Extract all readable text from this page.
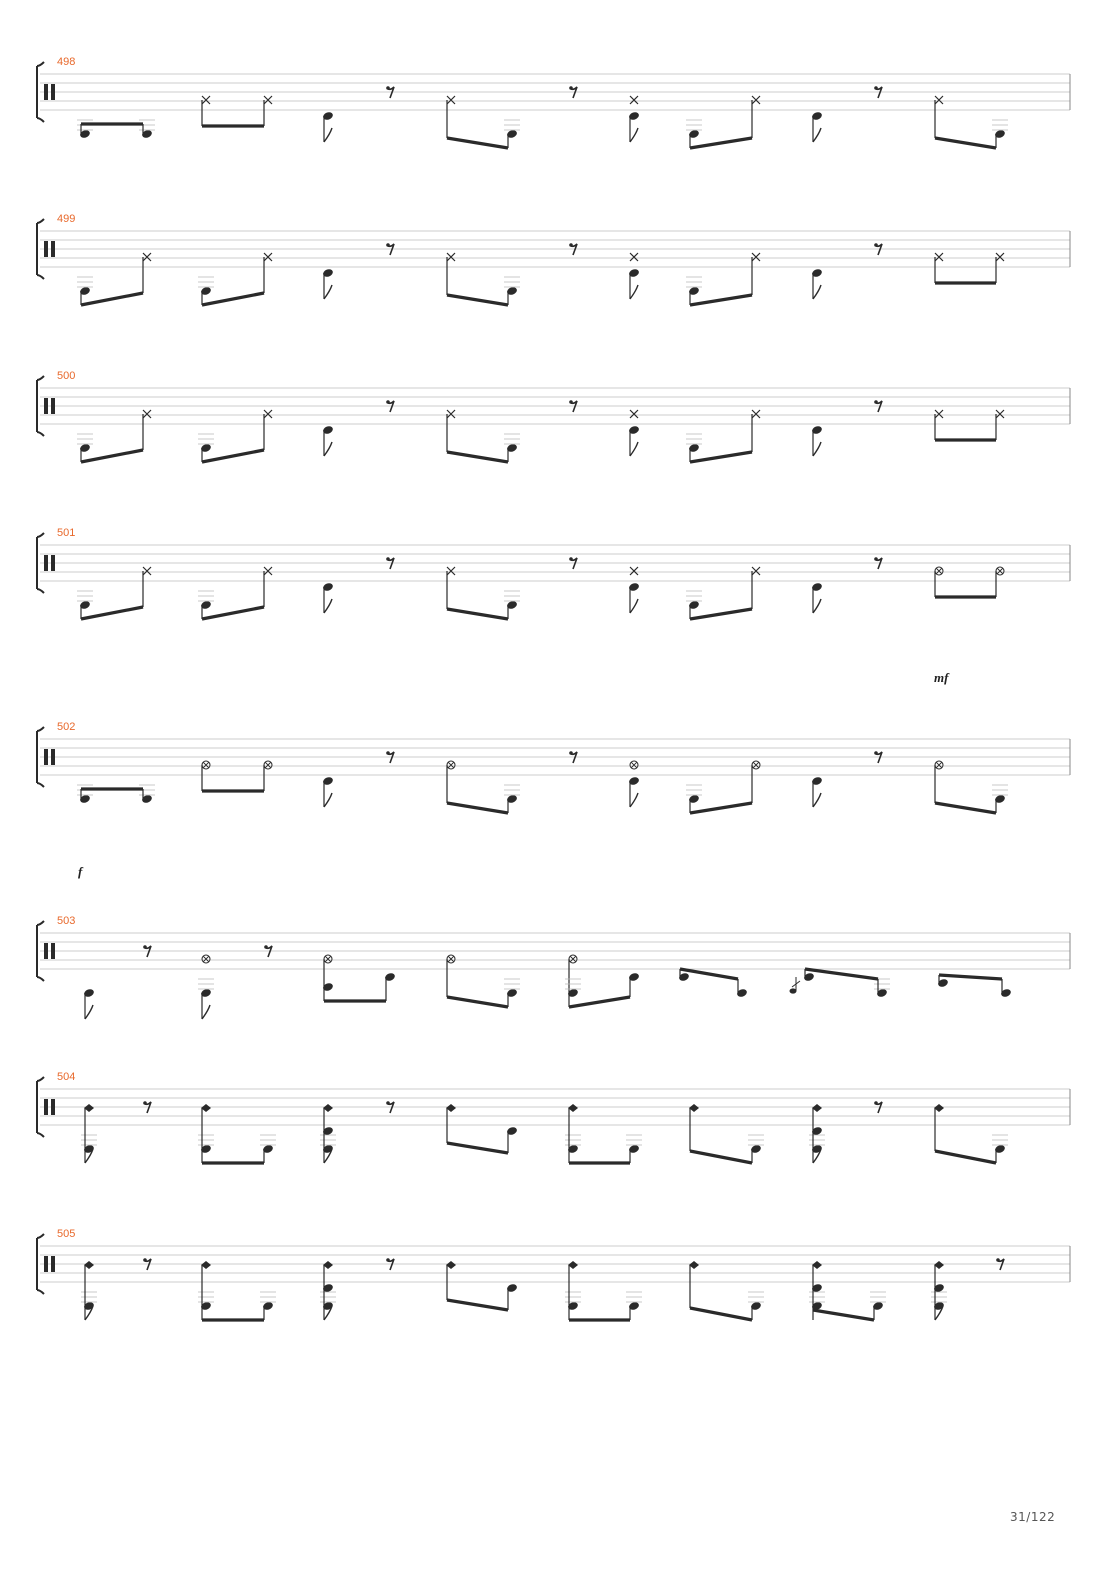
498
499
500
501
mf
502
f
503
504
505
31/122
